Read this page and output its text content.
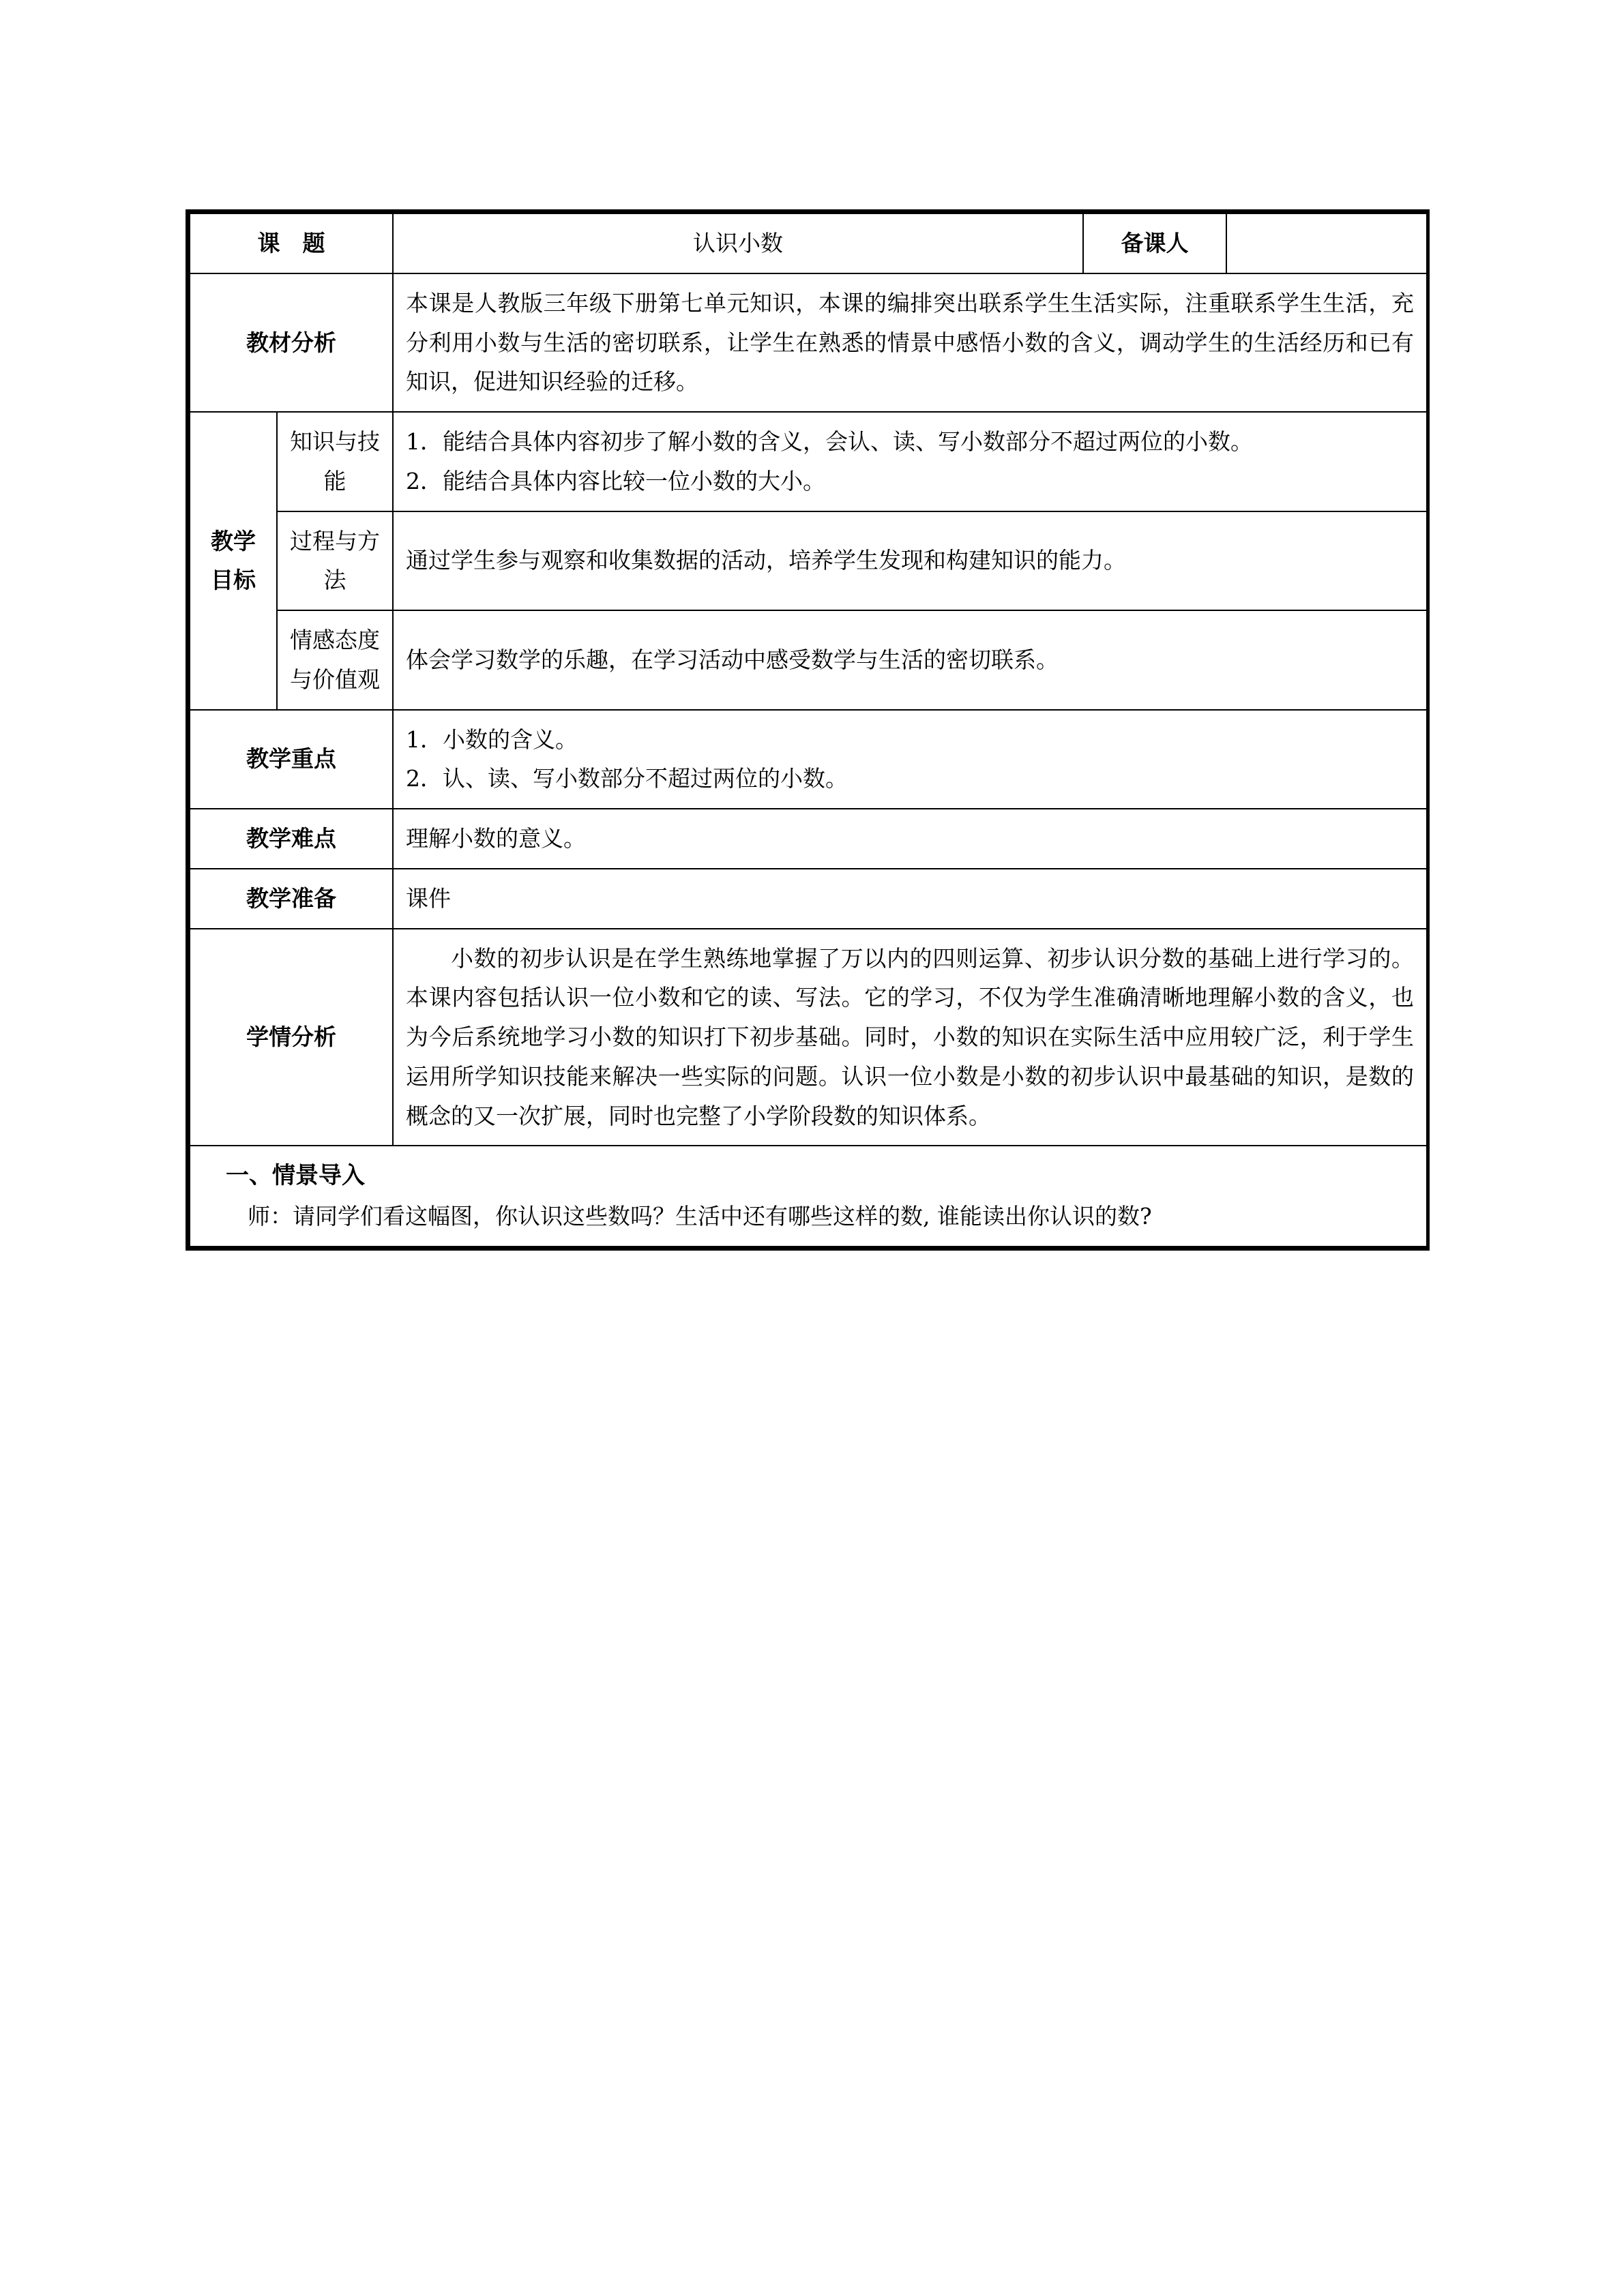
课　题		认识小数	备课人	
教材分析		本课是人教版三年级下册第七单元知识，本课的编排突出联系学生生活实际，注重联系学生生活，充分利用小数与生活的密切联系，让学生在熟悉的情景中感悟小数的含义，调动学生的生活经历和已有知识，促进知识经验的迁移。		

教学目标	知识与技能	1．能结合具体内容初步了解小数的含义，会认、读、写小数部分不超过两位的小数。
2．能结合具体内容比较一位小数的大小。		

	过程与方法	通过学生参与观察和收集数据的活动，培养学生发现和构建知识的能力。		
	情感态度与价值观	体会学习数学的乐趣，在学习活动中感受数学与生活的密切联系。		
教学重点		1．小数的含义。
2．认、读、写小数部分不超过两位的小数。		

教学难点		理解小数的意义。		
教学准备		课件		
学情分析		小数的初步认识是在学生熟练地掌握了万以内的四则运算、初步认识分数的基础上进行学习的。本课内容包括认识一位小数和它的读、写法。它的学习，不仅为学生准确清晰地理解小数的含义，也为今后系统地学习小数的知识打下初步基础。同时，小数的知识在实际生活中应用较广泛，利于学生运用所学知识技能来解决一些实际的问题。认识一位小数是小数的初步认识中最基础的知识，是数的概念的又一次扩展，同时也完整了小学阶段数的知识体系。		

一、情景导入
师：请同学们看这幅图，你认识这些数吗？生活中还有哪些这样的数, 谁能读出你认识的数?				
